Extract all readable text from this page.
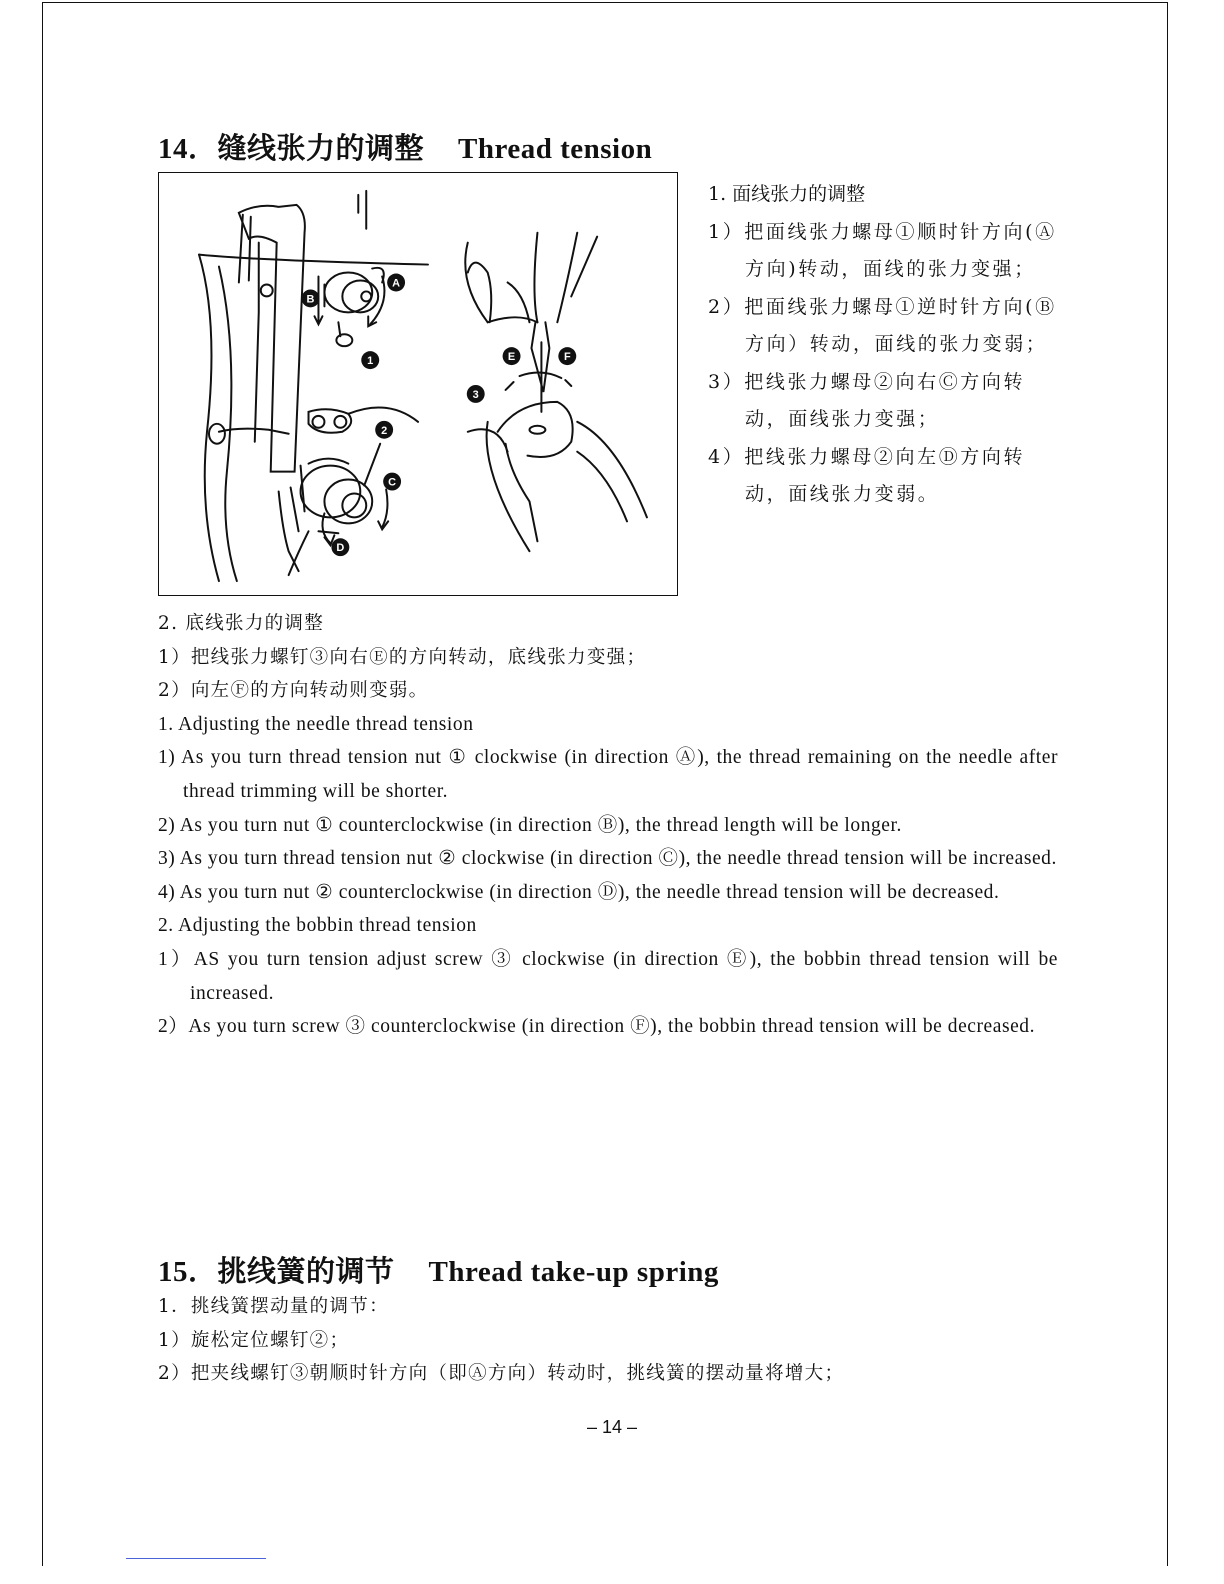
14．缝线张力的调整 Thread tension
B
A
1
2
C
D
E	F
3
1. 面线张力的调整
1）把面线张力螺母①顺时针方向(Ⓐ方向)转动，面线的张力变强；
2）把面线张力螺母①逆时针方向(Ⓑ方向）转动，面线的张力变弱；
3）把线张力螺母②向右Ⓒ方向转动，面线张力变强；
4）把线张力螺母②向左Ⓓ方向转动，面线张力变弱。

2. 底线张力的调整

1）把线张力螺钉③向右Ⓔ的方向转动，底线张力变强；

2）向左Ⓕ的方向转动则变弱。

1. Adjusting the needle thread tension

1) As you turn thread tension nut ① clockwise (in direction Ⓐ), the thread remaining on the needle after thread trimming will be shorter.

2) As you turn nut ① counterclockwise (in direction Ⓑ), the thread length will be longer.

3) As you turn thread tension nut ② clockwise (in direction Ⓒ), the needle thread tension will be increased.

4) As you turn nut ② counterclockwise (in direction Ⓓ), the needle thread tension will be decreased.

2. Adjusting the bobbin thread tension

1）AS you turn tension adjust screw ③ clockwise (in direction Ⓔ), the bobbin thread tension will be increased.

2）As you turn screw ③ counterclockwise (in direction Ⓕ), the bobbin thread tension will be decreased.

15．挑线簧的调节 Thread take-up spring

1．挑线簧摆动量的调节：

1）旋松定位螺钉②；

2）把夹线螺钉③朝顺时针方向（即Ⓐ方向）转动时，挑线簧的摆动量将增大；

– 14 –
